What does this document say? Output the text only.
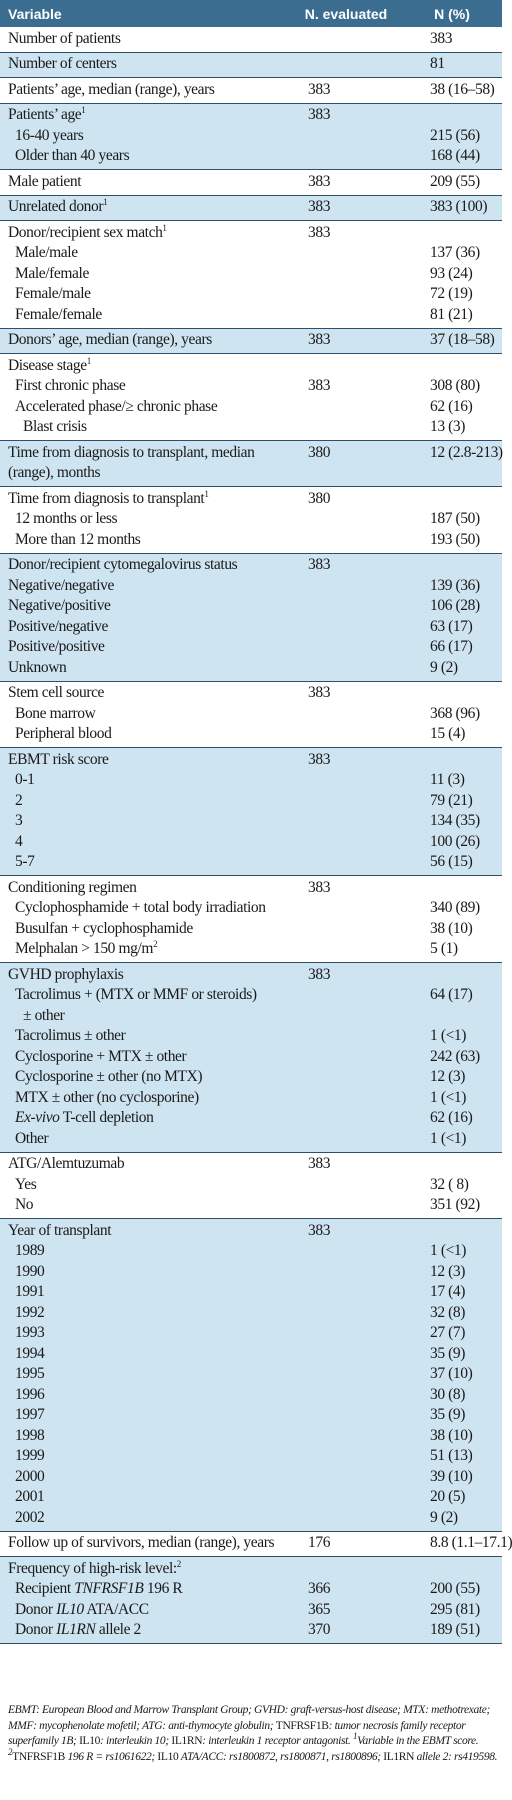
Variable	N. evaluated	N (%)
Number of patients		383
Number of centers		81
Patients’ age, median (range), years	383	38 (16–58)
Patients’ age$^1$	383	
16-40 years		215 (56)
Older than 40 years		168 (44)
Male patient	383	209 (55)
Unrelated donor$^1$	383	383 (100)
Donor/recipient sex match$^1$	383	
Male/male		137 (36)
Male/female		93 (24)
Female/male		72 (19)
Female/female		81 (21)
Donors’ age, median (range), years	383	37 (18–58)
Disease stage$^1$		
First chronic phase	383	308 (80)
Accelerated phase/≥ chronic phase		62 (16)
Blast crisis		13 (3)
Time from diagnosis to transplant, median	380	12 (2.8-213)
(range), months		
Time from diagnosis to transplant$^1$	380	
12 months or less		187 (50)
More than 12 months		193 (50)
Donor/recipient cytomegalovirus status	383	
Negative/negative		139 (36)
Negative/positive		106 (28)
Positive/negative		63 (17)
Positive/positive		66 (17)
Unknown		9 (2)
Stem cell source	383	
Bone marrow		368 (96)
Peripheral blood		15 (4)
EBMT risk score	383	
0-1		11 (3)
2		79 (21)
3		134 (35)
4		100 (26)
5-7		56 (15)
Conditioning regimen	383	
Cyclophosphamide + total body irradiation		340 (89)
Busulfan + cyclophosphamide		38 (10)
Melphalan > 150 $mg/m^2$		5 (1)
GVHD prophylaxis	383	
Tacrolimus + (MTX or MMF or steroids)		64 (17)
± other		
Tacrolimus ± other		1 (<1)
Cyclosporine + MTX ± other		242 (63)
Cyclosporine ± other (no MTX)		12 (3)
MTX ± other (no cyclosporine)		1 (<1)
Ex-vivo T-cell depletion		62 (16)
Other		1 (<1)
ATG/Alemtuzumab	383	
Yes		32 ( 8)
No		351 (92)
Year of transplant	383	
1989		1 (<1)
1990		12 (3)
1991		17 (4)
1992		32 (8)
1993		27 (7)
1994		35 (9)
1995		37 (10)
1996		30 (8)
1997		35 (9)
1998		38 (10)
1999		51 (13)
2000		39 (10)
2001		20 (5)
2002		9 (2)
Follow up of survivors, median (range), years	176	8.8 (1.1–17.1)
Frequency of high-risk level:$^2$		
Recipient TNFRSF1B 196 R	366	200 (55)
Donor IL10 ATA/ACC	365	295 (81)
Donor IL1RN allele 2	370	189 (51)
EBMT: European Blood and Marrow Transplant Group; GVHD: graft-versus-host disease; MTX: methotrexate; MMF: mycophenolate mofetil; ATG: anti-thymocyte globulin; TNFRSF1B: tumor necrosis family receptor superfamily 1B; IL10: interleukin 10; IL1RN: interleukin 1 receptor antagonist. $^1$Variable in the EBMT score. $^2$TNFRSF1B 196 R = rs1061622; IL10 ATA/ACC: rs1800872, rs1800871, rs1800896; IL1RN allele 2: rs419598.
